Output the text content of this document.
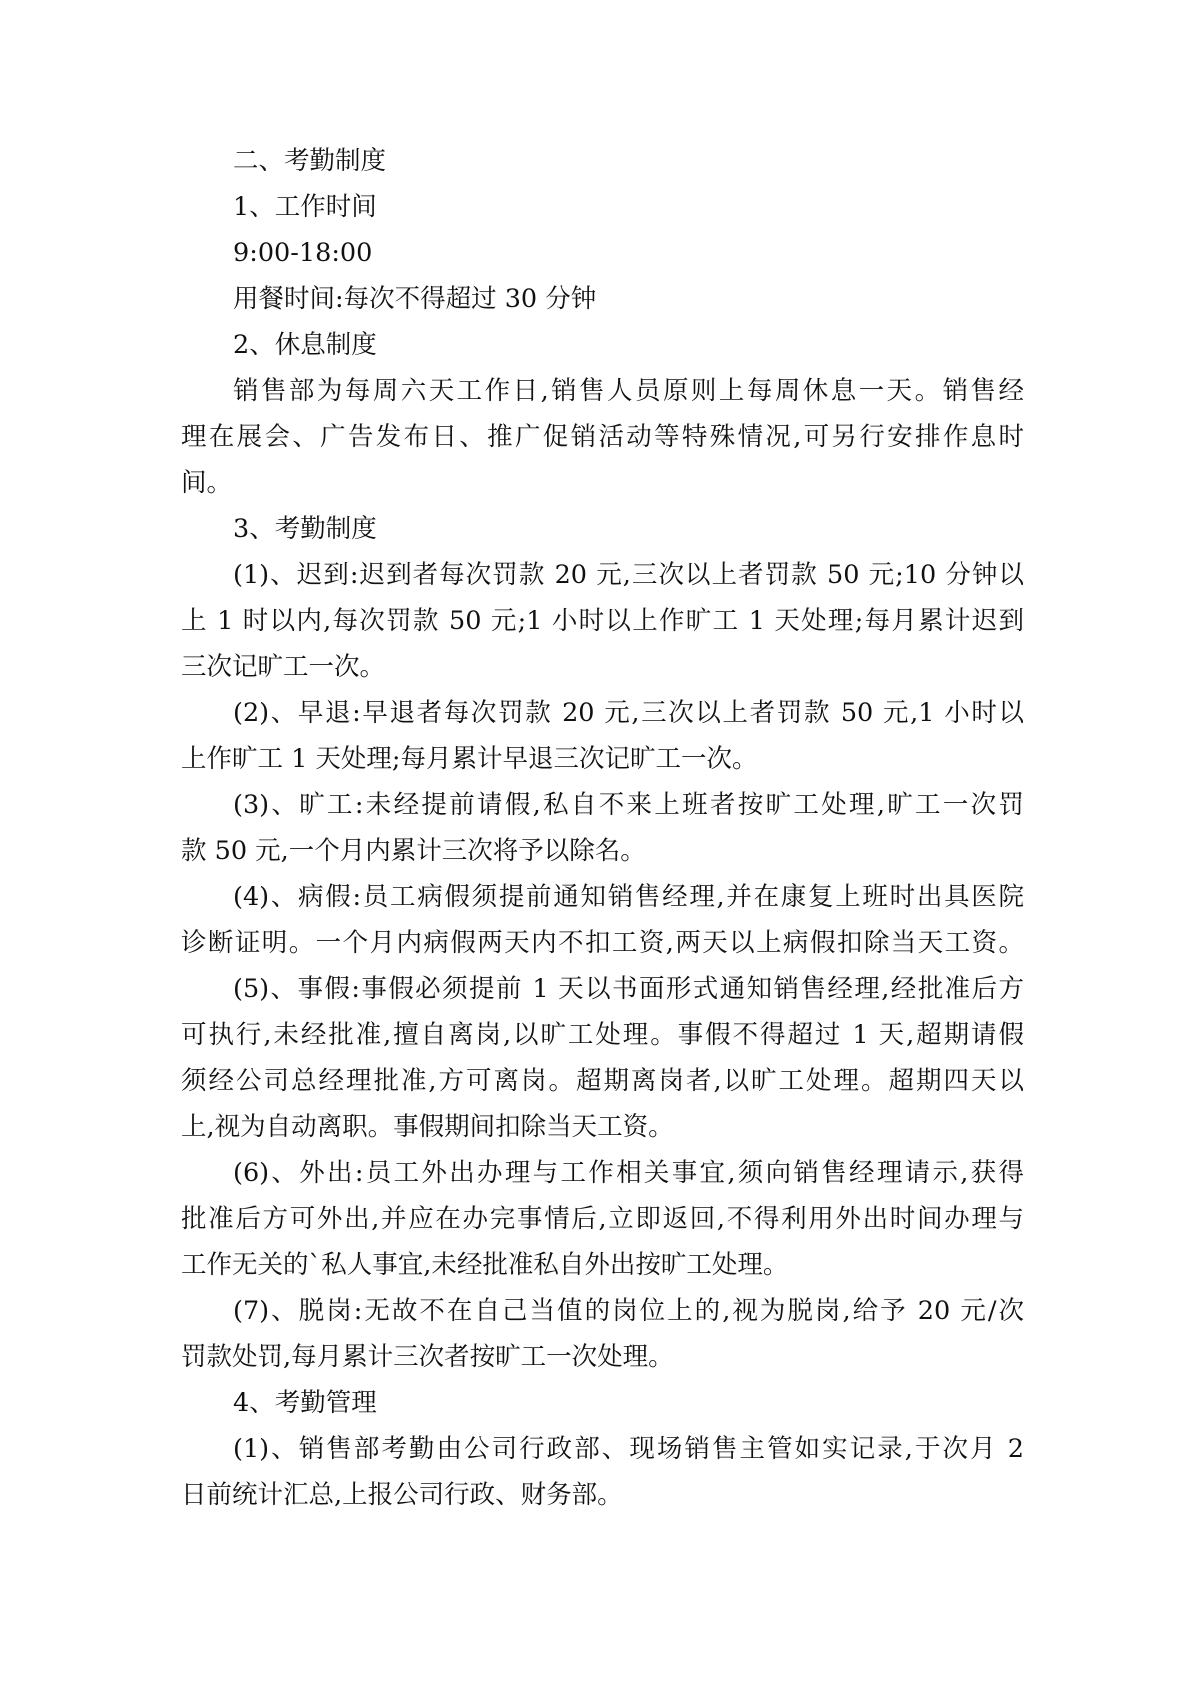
二、考勤制度
1、工作时间
9:00-18:00
用餐时间:每次不得超过 30 分钟
2、休息制度
销售部为每周六天工作日,销售人员原则上每周休息一天。销售经
理在展会、广告发布日、推广促销活动等特殊情况,可另行安排作息时
间。
3、考勤制度
(1)、迟到:迟到者每次罚款 20 元,三次以上者罚款 50 元;10 分钟以
上 1 时以内,每次罚款 50 元;1 小时以上作旷工 1 天处理;每月累计迟到
三次记旷工一次。
(2)、早退:早退者每次罚款 20 元,三次以上者罚款 50 元,1 小时以
上作旷工 1 天处理;每月累计早退三次记旷工一次。
(3)、旷工:未经提前请假,私自不来上班者按旷工处理,旷工一次罚
款 50 元,一个月内累计三次将予以除名。
(4)、病假:员工病假须提前通知销售经理,并在康复上班时出具医院
诊断证明。一个月内病假两天内不扣工资,两天以上病假扣除当天工资。
(5)、事假:事假必须提前 1 天以书面形式通知销售经理,经批准后方
可执行,未经批准,擅自离岗,以旷工处理。事假不得超过 1 天,超期请假
须经公司总经理批准,方可离岗。超期离岗者,以旷工处理。超期四天以
上,视为自动离职。事假期间扣除当天工资。
(6)、外出:员工外出办理与工作相关事宜,须向销售经理请示,获得
批准后方可外出,并应在办完事情后,立即返回,不得利用外出时间办理与
工作无关的`私人事宜,未经批准私自外出按旷工处理。
(7)、脱岗:无故不在自己当值的岗位上的,视为脱岗,给予 20 元/次
罚款处罚,每月累计三次者按旷工一次处理。
4、考勤管理
(1)、销售部考勤由公司行政部、现场销售主管如实记录,于次月 2
日前统计汇总,上报公司行政、财务部。
